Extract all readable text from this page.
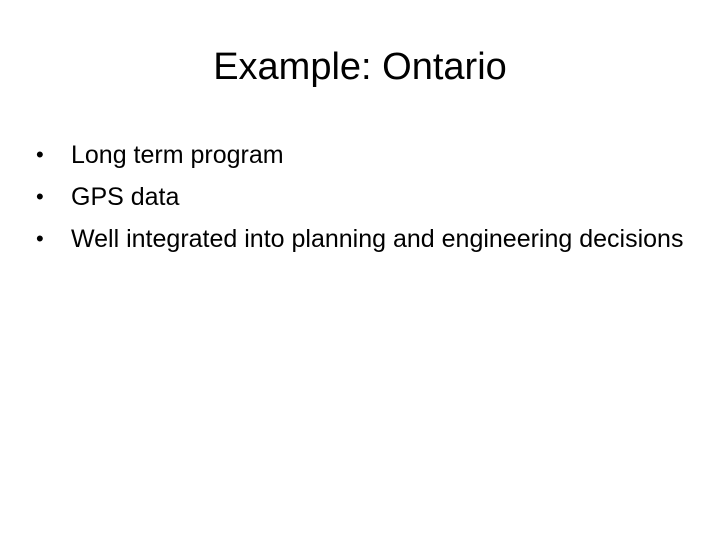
Example: Ontario
•	Long term program
•	GPS data
•	Well integrated into planning and engineering decisions
